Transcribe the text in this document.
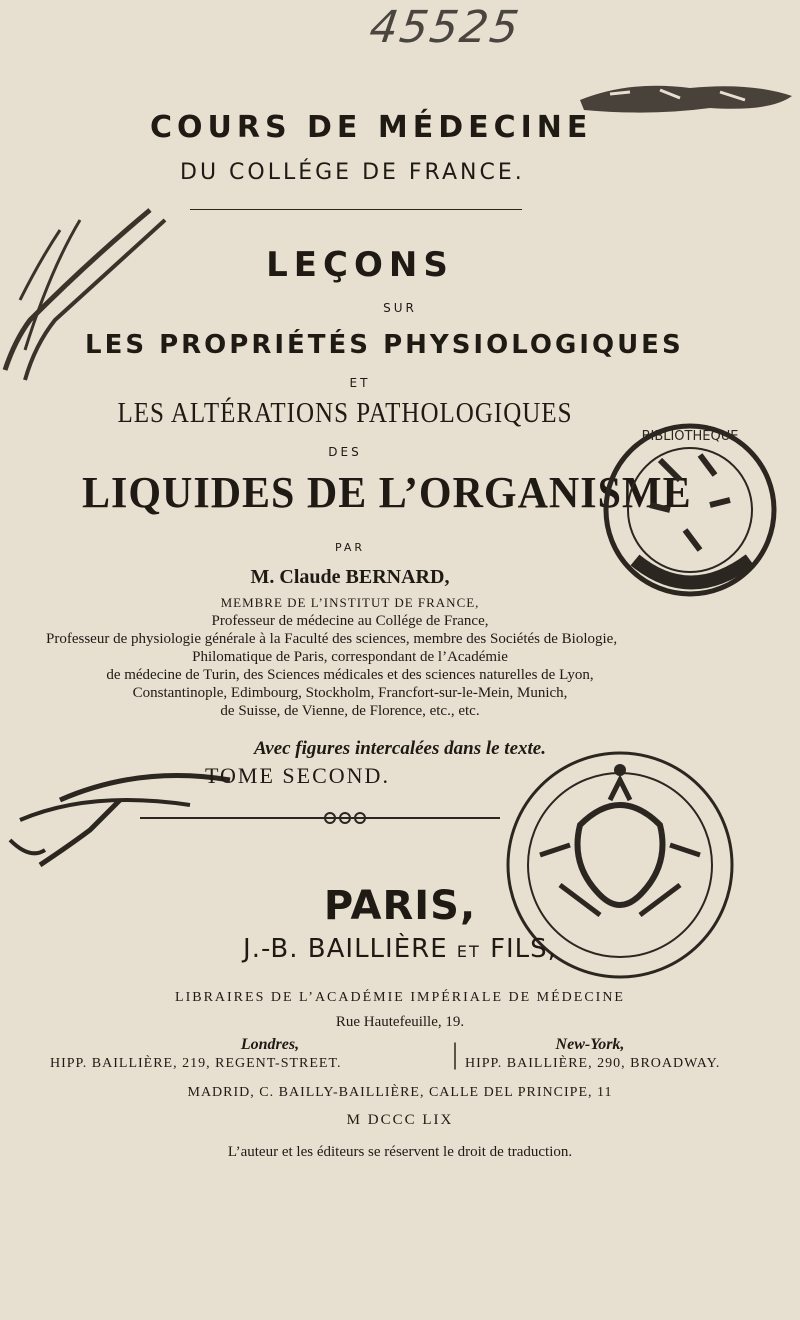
45525
COURS DE MÉDECINE
DU COLLÉGE DE FRANCE.
LEÇONS
SUR
LES PROPRIÉTÉS PHYSIOLOGIQUES
ET
LES ALTÉRATIONS PATHOLOGIQUES
DES
LIQUIDES DE L’ORGANISME
BIBLIOTHEQUE
PAR
M. Claude BERNARD,
MEMBRE DE L’INSTITUT DE FRANCE,
Professeur de médecine au Collége de France,
Professeur de physiologie générale à la Faculté des sciences, membre des Sociétés de Biologie,
Philomatique de Paris, correspondant de l’Académie
de médecine de Turin, des Sciences médicales et des sciences naturelles de Lyon,
Constantinople, Edimbourg, Stockholm, Francfort-sur-le-Mein, Munich,
de Suisse, de Vienne, de Florence, etc., etc.
Avec figures intercalées dans le texte.
TOME SECOND.
PARIS,
J.-B. BAILLIÈRE ET FILS,
LIBRAIRES DE L’ACADÉMIE IMPÉRIALE DE MÉDECINE
Rue Hautefeuille, 19.
Londres,	New-York,
HIPP. BAILLIÈRE, 219, REGENT-STREET.	| HIPP. BAILLIÈRE, 290, BROADWAY.
MADRID, C. BAILLY-BAILLIÈRE, CALLE DEL PRINCIPE, 11
M DCCC LIX
L’auteur et les éditeurs se réservent le droit de traduction.
